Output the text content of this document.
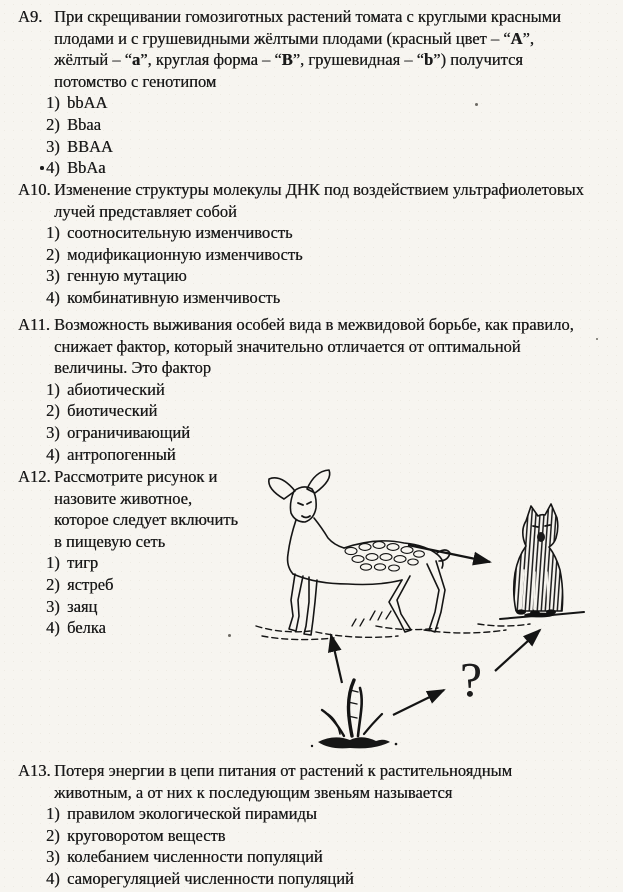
?
А9. При скрещивании гомозиготных растений томата с круглыми красными
плодами и с грушевидными жёлтыми плодами (красный цвет – “А”,
жёлтый – “а”, круглая форма – “В”, грушевидная – “b”) получится
потомство с генотипом
1) bbAA
2) Bbaa
3) BBAA
4) BbAa
А10. Изменение структуры молекулы ДНК под воздействием ультрафиолетовых
лучей представляет собой
1) соотносительную изменчивость
2) модификационную изменчивость
3) генную мутацию
4) комбинативную изменчивость
А11. Возможность выживания особей вида в межвидовой борьбе, как правило,
снижает фактор, который значительно отличается от оптимальной
величины. Это фактор
1) абиотический
2) биотический
3) ограничивающий
4) антропогенный
А12. Рассмотрите рисунок и
назовите животное,
которое следует включить
в пищевую сеть
1) тигр
2) ястреб
3) заяц
4) белка
А13. Потеря энергии в цепи питания от растений к растительноядным
животным, а от них к последующим звеньям называется
1) правилом экологической пирамиды
2) круговоротом веществ
3) колебанием численности популяций
4) саморегуляцией численности популяций
